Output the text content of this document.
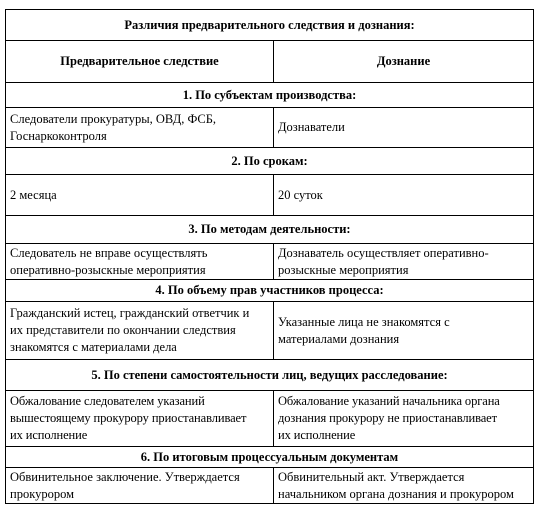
Различия предварительного следствия и дознания:	
Предварительное следствие	Дознание
1. По субъектам производства:	
Следователи прокуратуры, ОВД, ФСБ,
Госнаркоконтроля	Дознаватели
2. По срокам:	
2 месяца	20 суток
3. По методам деятельности:	
Следователь не вправе осуществлять
оперативно-розыскные мероприятия	Дознаватель осуществляет оперативно-
розыскные мероприятия
4. По объему прав участников процесса:	
Гражданский истец, гражданский ответчик и
их представители по окончании следствия
знакомятся с материалами дела	Указанные лица не знакомятся с
материалами дознания
5. По степени самостоятельности лиц, ведущих расследование:	
Обжалование следователем указаний
вышестоящему прокурору приостанавливает
их исполнение	Обжалование указаний начальника органа
дознания прокурору не приостанавливает
их исполнение
6. По итоговым процессуальным документам	
Обвинительное заключение. Утверждается
прокурором	Обвинительный акт. Утверждается
начальником органа дознания и прокурором
